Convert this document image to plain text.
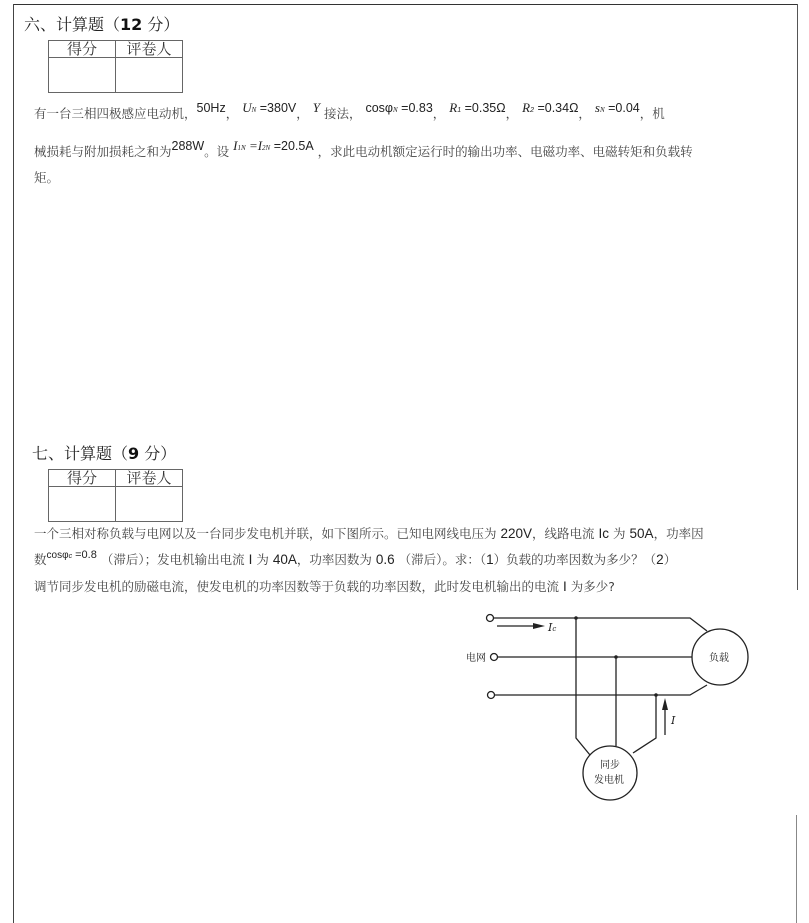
六、计算题（12 分）
得分	评卷人

有一台三相四极感应电动机，50Hz， $U^N =380V$， Y 接法， cosφ$^N$ =0.83， $R^1 =0.35\Omega$， $R^2 =0.34\Omega$， $s^N =0.04$，机
械损耗与附加损耗之和为288W。设 $I^{1N} =I^{2N} =20.5A$ ，求此电动机额定运行时的输出功率、电磁功率、电磁转矩和负载转
矩。
七、计算题（9 分）
得分	评卷人

一个三相对称负载与电网以及一台同步发电机并联，如下图所示。已知电网线电压为 220V，线路电流 Ic 为 50A，功率因
数$^{cos\varphi c}$ =0.8 （滞后）；发电机输出电流 I 为 40A，功率因数为 0.6 （滞后）。求：（1）负载的功率因数为多少？（2）
调节同步发电机的励磁电流，使发电机的功率因数等于负载的功率因数，此时发电机输出的电流 I 为多少?
Ic
I
电网	负载
同步
发电机
